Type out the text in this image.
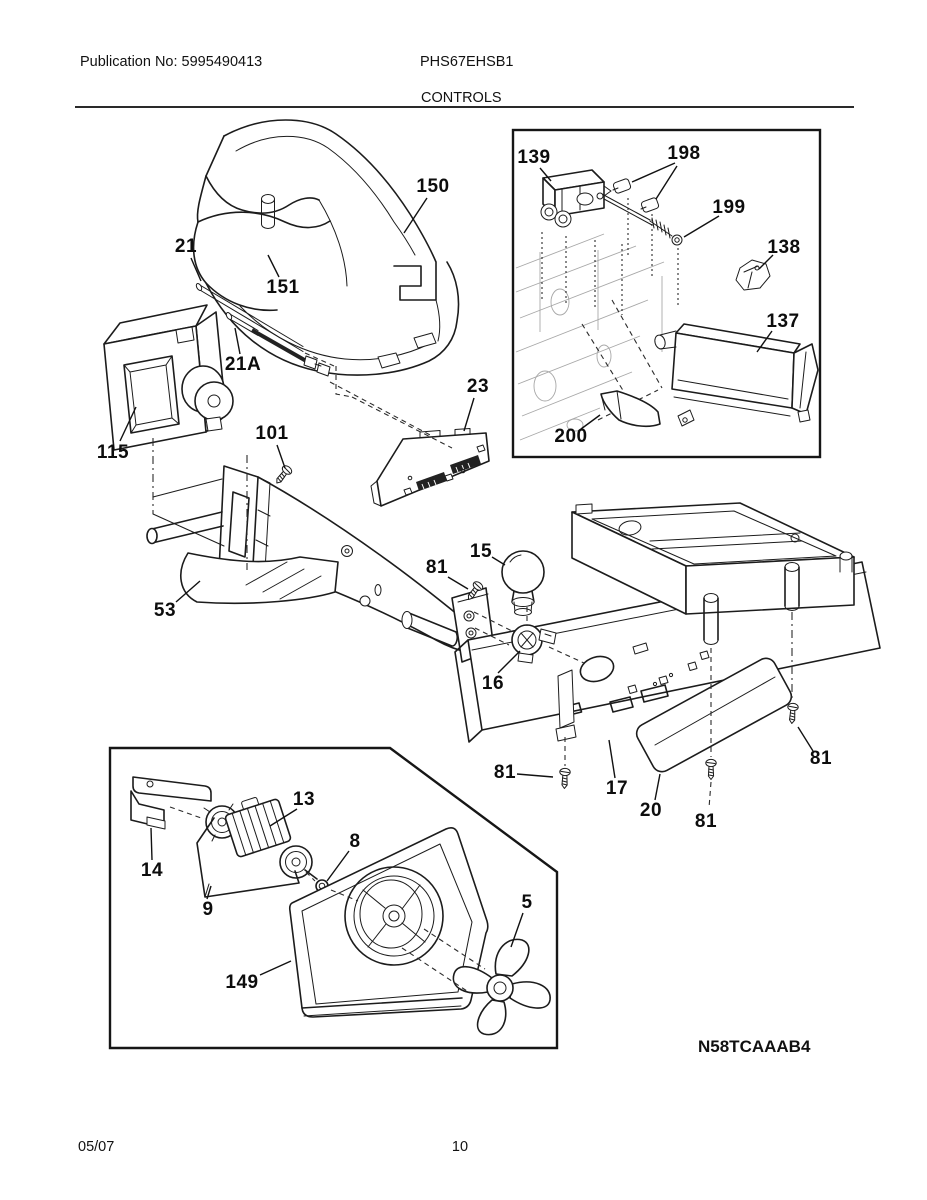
Publication No: 5995490413	PHS67EHSB1
CONTROLS
150
21
151
21A
115
101
23
53
15
81
16
81
17
20
81
81
139	198
199
138
137
200
14
13
9
8
149
5
N58TCAAAB4
05/07	10
